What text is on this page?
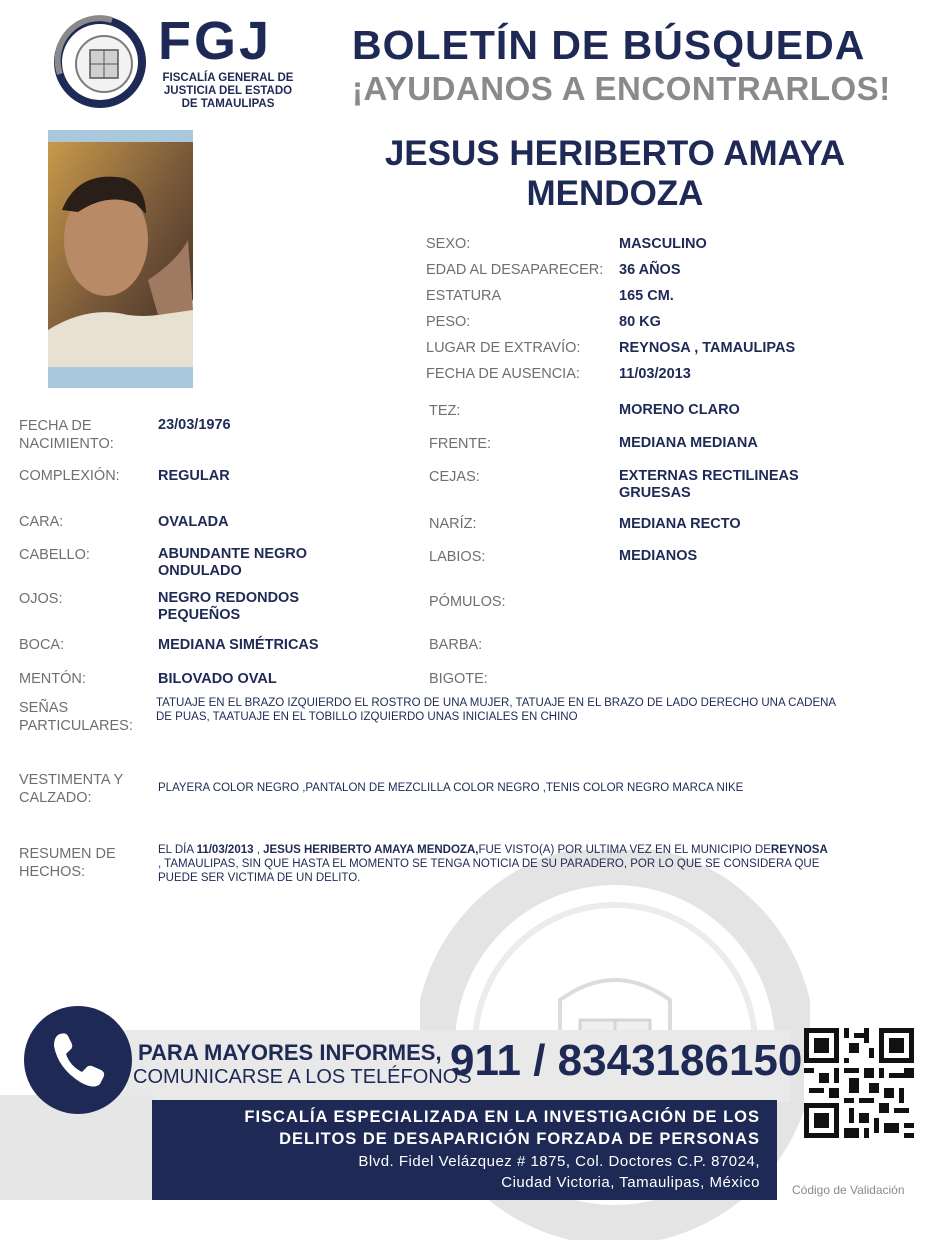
FGJ
FISCALÍA GENERAL DE
JUSTICIA DEL ESTADO
DE TAMAULIPAS
BOLETÍN DE BÚSQUEDA
¡AYUDANOS A ENCONTRARLOS!
JESUS HERIBERTO AMAYA
MENDOZA
SEXO:	MASCULINO
EDAD AL DESAPARECER: 36 AÑOS
ESTATURA	165 CM.
PESO:	80 KG
LUGAR DE EXTRAVÍO:	REYNOSA , TAMAULIPAS
FECHA DE AUSENCIA:	11/03/2013
FECHA DE
NACIMIENTO:
23/03/1976
COMPLEXIÓN:	REGULAR
CARA:	OVALADA
CABELLO:	ABUNDANTE NEGRO
ONDULADO
OJOS:	NEGRO REDONDOS
PEQUEÑOS
BOCA:	MEDIANA SIMÉTRICAS
MENTÓN:	BILOVADO OVAL
TEZ:	MORENO CLARO
FRENTE:	MEDIANA MEDIANA
CEJAS:	EXTERNAS RECTILINEAS
GRUESAS
NARÍZ:	MEDIANA RECTO
LABIOS:	MEDIANOS
PÓMULOS:
BARBA:
BIGOTE:
SEÑAS
PARTICULARES:
TATUAJE EN EL BRAZO IZQUIERDO EL ROSTRO DE UNA MUJER, TATUAJE EN EL BRAZO DE LADO DERECHO UNA CADENA
DE PUAS, TAATUAJE EN EL TOBILLO IZQUIERDO UNAS INICIALES EN CHINO
VESTIMENTA Y
CALZADO:
PLAYERA COLOR NEGRO ,PANTALON DE MEZCLILLA COLOR NEGRO ,TENIS COLOR NEGRO MARCA NIKE
RESUMEN DE
HECHOS:
EL DÍA 11/03/2013 , JESUS HERIBERTO AMAYA MENDOZA,FUE VISTO(A) POR ULTIMA VEZ EN EL MUNICIPIO DEREYNOSA
, TAMAULIPAS, SIN QUE HASTA EL MOMENTO SE TENGA NOTICIA DE SU PARADERO, POR LO QUE SE CONSIDERA QUE
PUEDE SER VICTIMA DE UN DELITO.
PARA MAYORES INFORMES,
COMUNICARSE A LOS TELÉFONOS
911 / 8343186150
FISCALÍA ESPECIALIZADA EN LA INVESTIGACIÓN DE LOS
DELITOS DE DESAPARICIÓN FORZADA DE PERSONAS
Blvd. Fidel Velázquez # 1875, Col. Doctores C.P. 87024,
Ciudad Victoria, Tamaulipas, México	Código de Validación
